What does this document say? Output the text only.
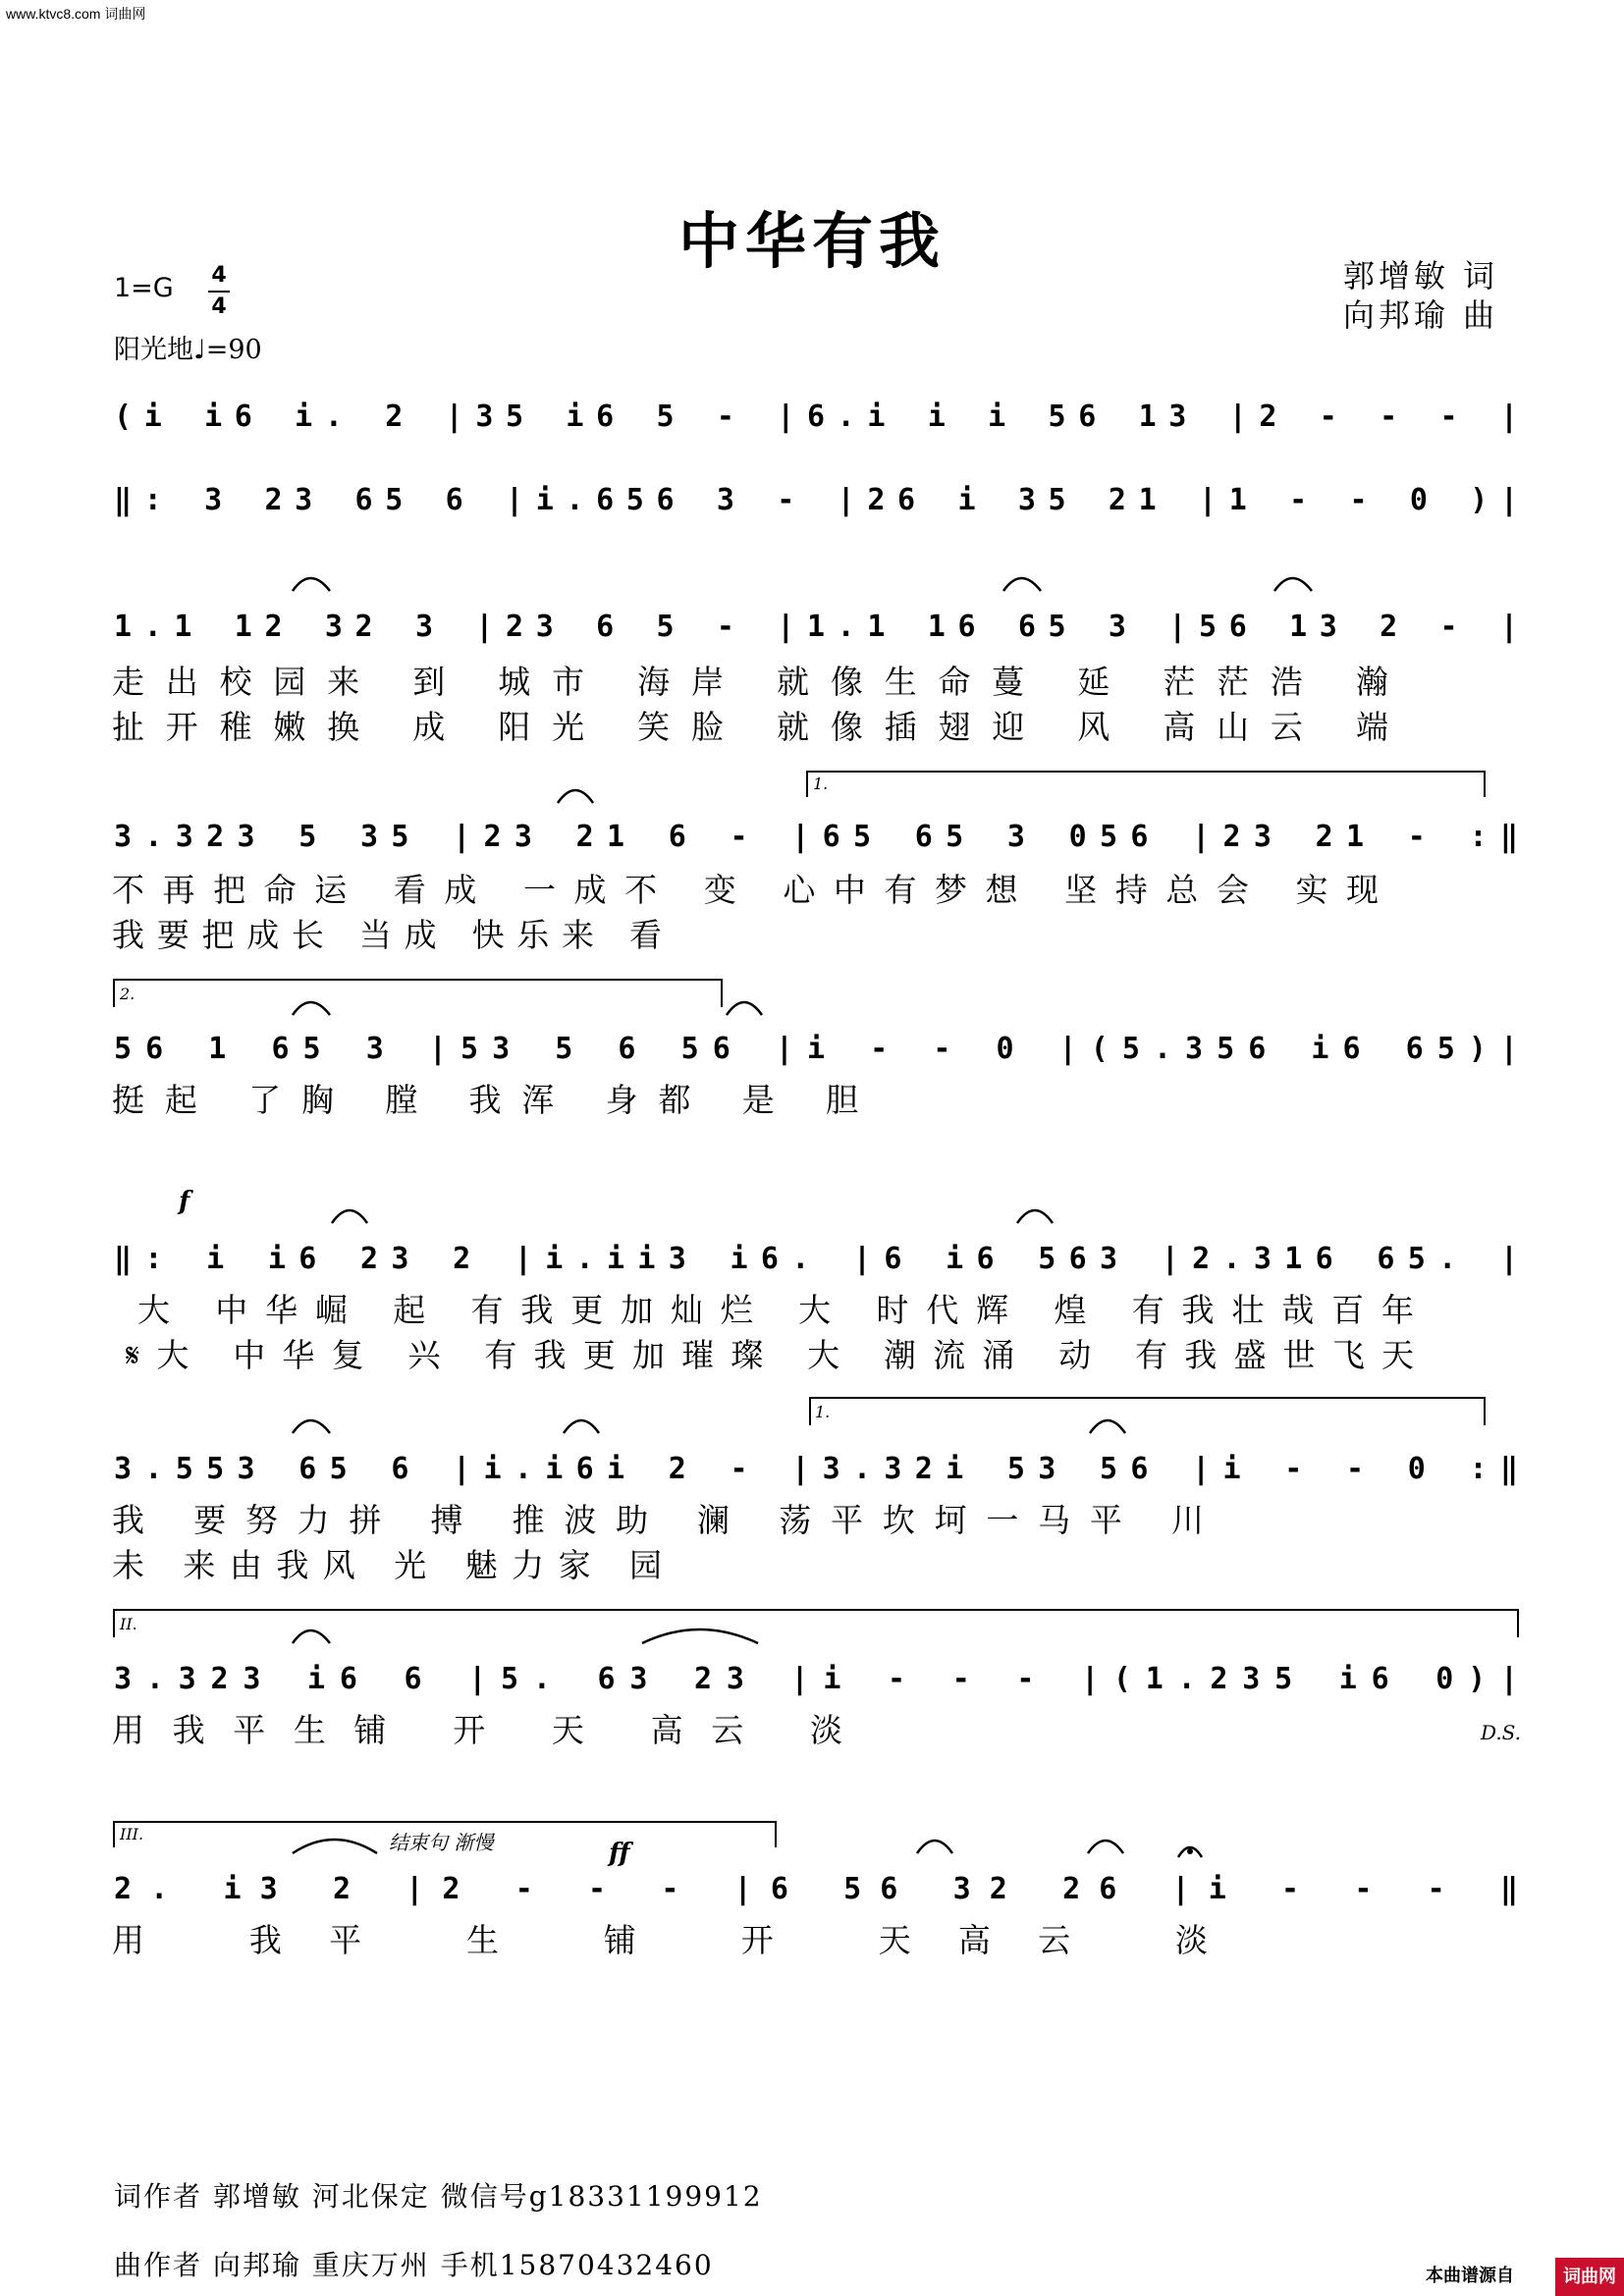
www.ktvc8.com 词曲网
中华有我	郭增敏 词
向邦瑜 曲
1=G 4
4
阳光地♩=90
(i i6 i. 2 |35 i6 5 - |6.i i i 56 13 |2 - - - |
‖: 3 23 65 6 |i.656 3 - |26 i 35 21 |1 - - 0 )|
1.1 12 32 3 |23 6 5 - |1.1 16 65 3 |56 13 2 - |
3.323 5 35 |23 21 6 - |65 65 3 056 |23 21 - :‖
56 1 65 3 |53 5 6 56 |i - - 0 |(5.356 i6 65)|
‖: i i6 23 2 |i.ii3 i6. |6 i6 563 |2.316 65. |
3.553 65 6 |i.i6i 2 - |3.32i 53 56 |i - - 0 :‖
3.323 i6 6 |5. 63 23 |i - - - |(1.235 i6 0)|
2. i3 2 |2 - - - |6 56 32 26 |i - - - ‖
走出校园来 到 城市 海岸 就像生命蔓 延 茫茫浩 瀚
扯开稚嫩换 成 阳光 笑脸 就像插翅迎 风 高山云 端
不再把命运 看成 一成不 变 心中有梦想 坚持总会 实现
我要把成长 当成 快乐来 看
挺起 了胸 膛 我浑 身都 是 胆
大 中华崛 起 有我更加灿烂 大 时代辉 煌 有我壮哉百年
𝄋大 中华复 兴 有我更加璀璨 大 潮流涌 动 有我盛世飞天
我 要努力拼 搏 推波助 澜 荡平坎坷一马平 川
未 来由我风 光 魅力家 园
用我平生铺 开 天 高云 淡
用 我平 生 铺 开 天高云 淡
1.
2.
1.
II.
III.
f
ff
D.S.
结束句 渐慢
词作者 郭增敏 河北保定 微信号g18331199912
曲作者 向邦瑜 重庆万州 手机15870432460	本曲谱源自	词曲网
